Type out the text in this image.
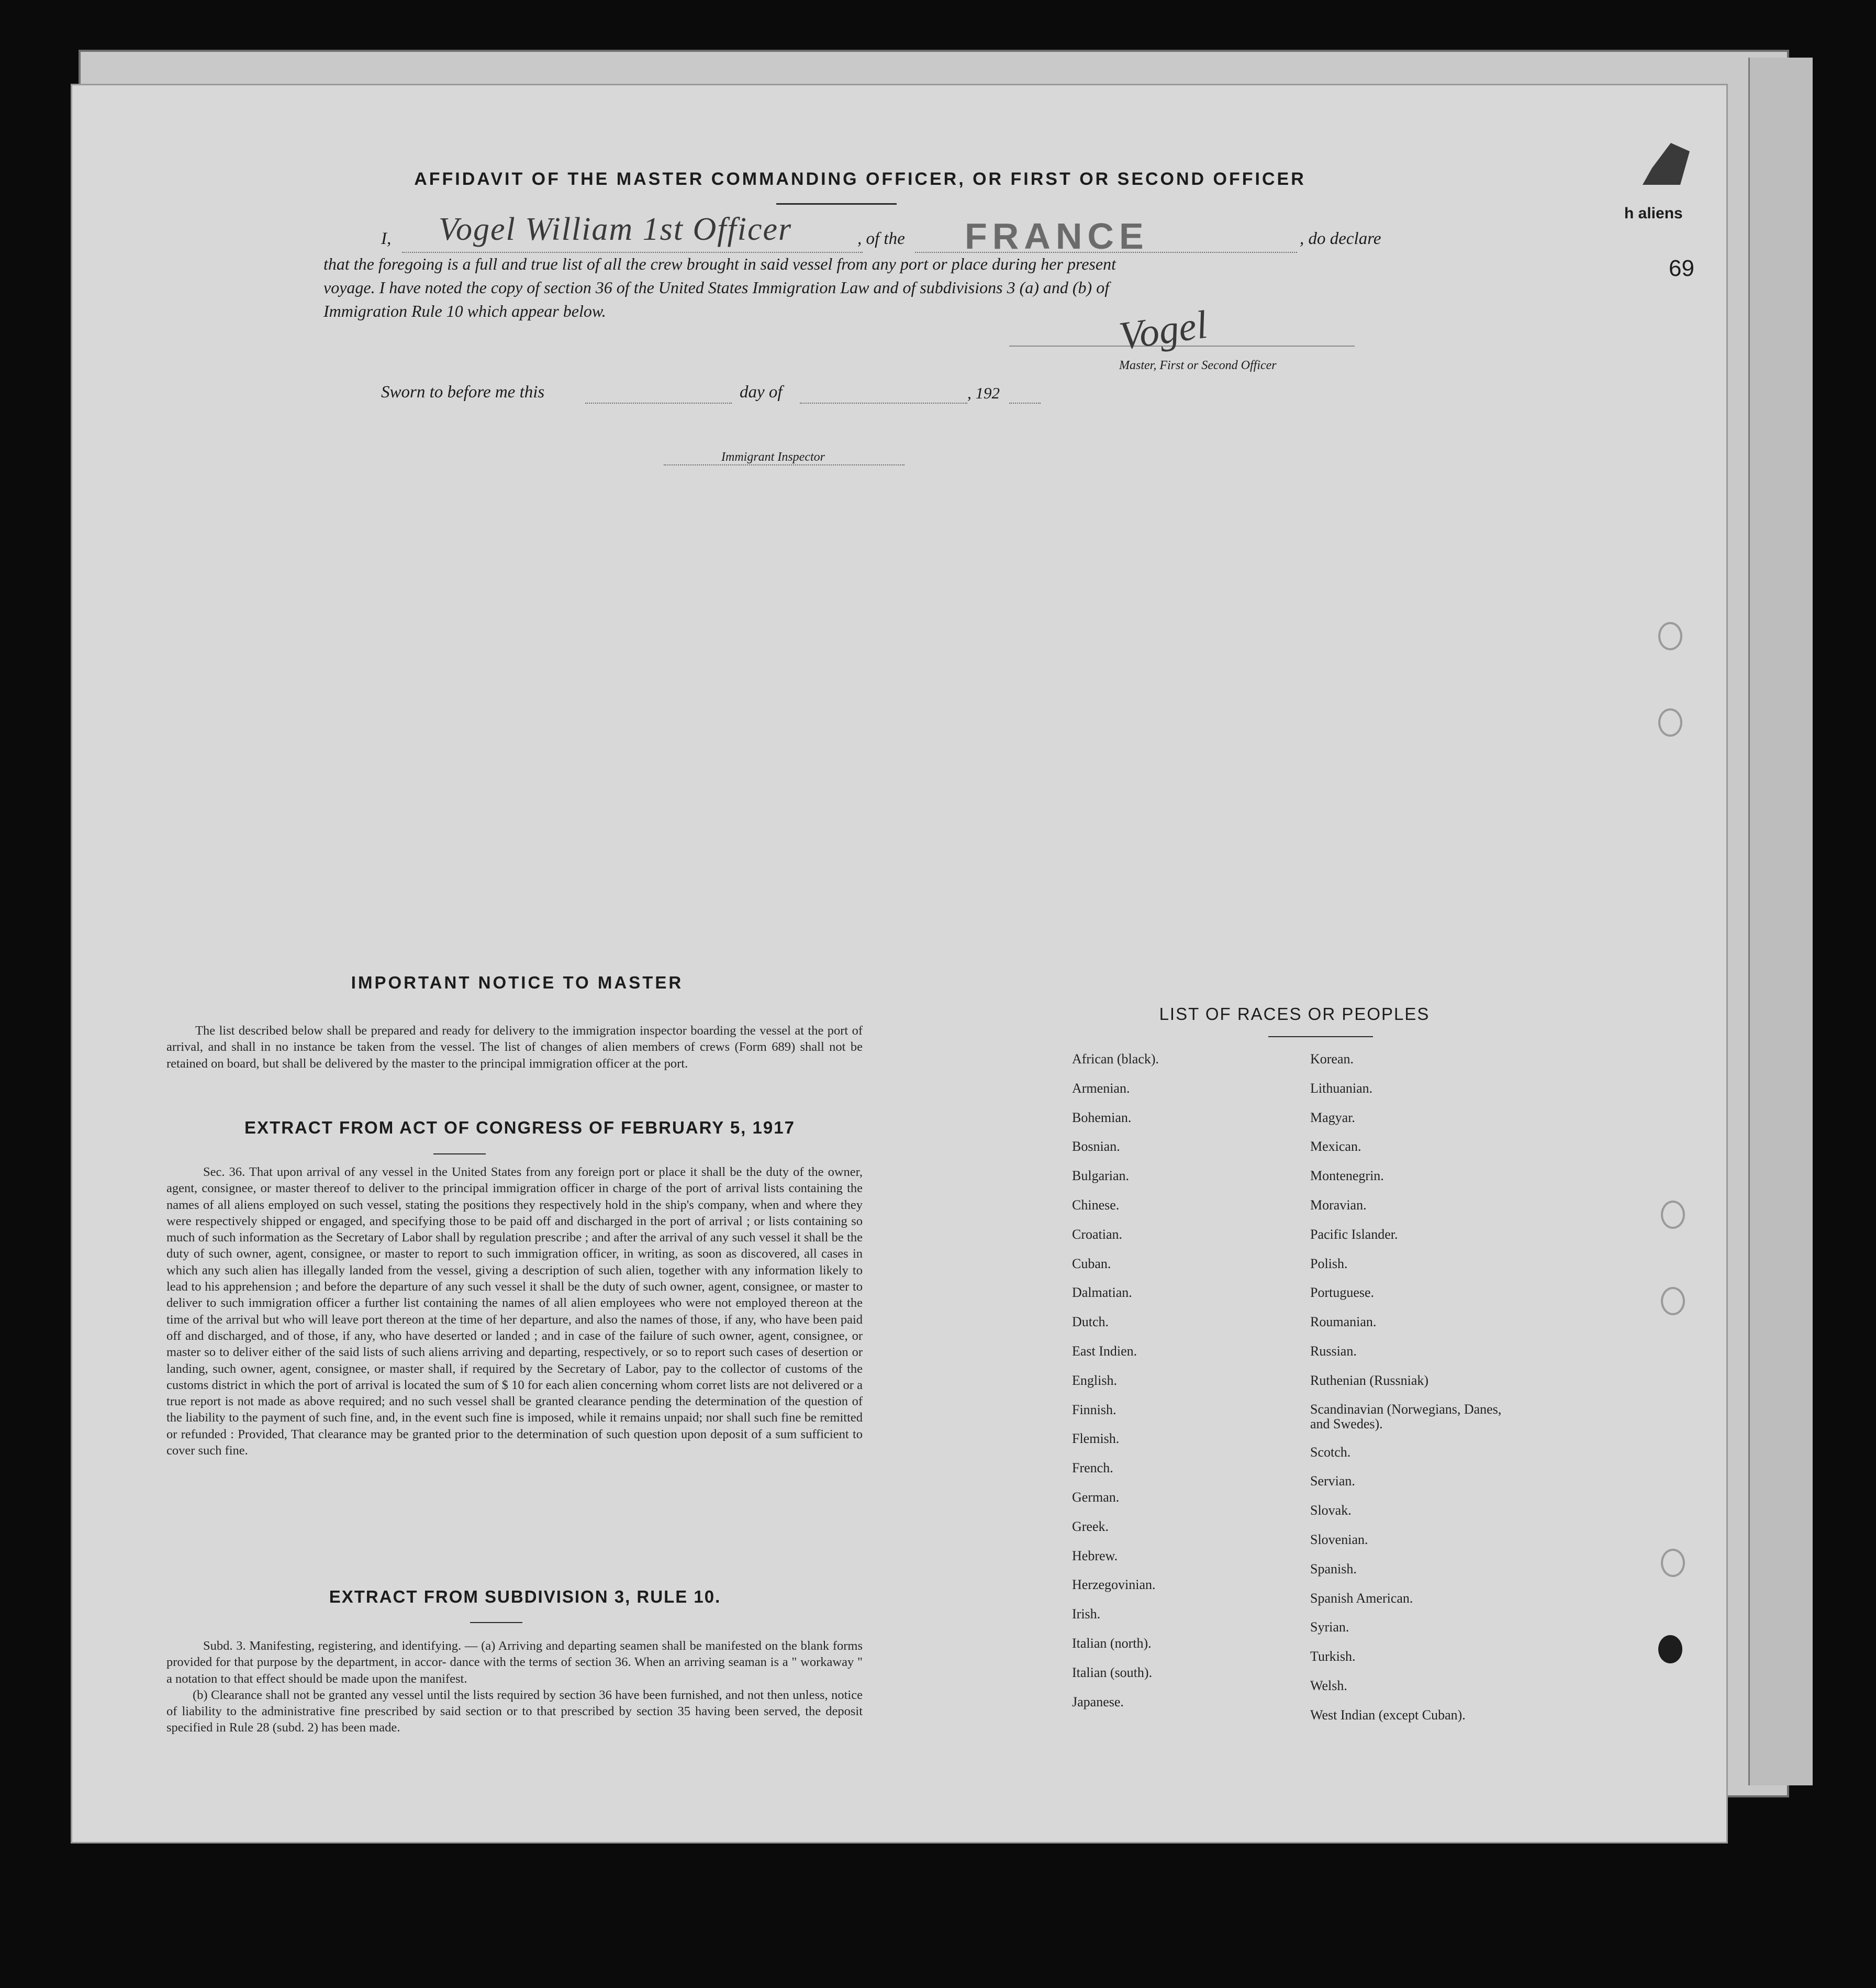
AFFIDAVIT OF THE MASTER COMMANDING OFFICER, OR FIRST OR SECOND OFFICER
I, Vogel William 1st Officer	, of the FRANCE	, do declare
that the foregoing is a full and true list of all the crew brought in said vessel from any port or place during her present
voyage. I have noted the copy of section 36 of the United States Immigration Law and of subdivisions 3 (a) and (b) of
Immigration Rule 10 which appear below.	Vogel
Master, First or Second Officer
Sworn to before me this	day of	, 192
Immigrant Inspector
h aliens
69
IMPORTANT NOTICE TO MASTER
The list described below shall be prepared and ready for delivery to the immigration inspector boarding the vessel at the port of arrival, and shall in no instance be taken from the vessel. The list of changes of alien members of crews (Form 689) shall not be retained on board, but shall be delivered by the master to the principal immigration officer at the port.
EXTRACT FROM ACT OF CONGRESS OF FEBRUARY 5, 1917
Sec. 36. That upon arrival of any vessel in the United States from any foreign port or place it shall be the duty of the owner, agent, consignee, or master thereof to deliver to the principal immigration officer in charge of the port of arrival lists containing the names of all aliens employed on such vessel, stating the positions they respectively hold in the ship's company, when and where they were respectively shipped or engaged, and specifying those to be paid off and discharged in the port of arrival ; or lists containing so much of such information as the Secretary of Labor shall by regulation prescribe ; and after the arrival of any such vessel it shall be the duty of such owner, agent, consignee, or master to report to such immigration officer, in writing, as soon as discovered, all cases in which any such alien has illegally landed from the vessel, giving a description of such alien, together with any information likely to lead to his apprehension ; and before the departure of any such vessel it shall be the duty of such owner, agent, consignee, or master to deliver to such immigration officer a further list containing the names of all alien employees who were not employed thereon at the time of the arrival but who will leave port thereon at the time of her departure, and also the names of those, if any, who have been paid off and discharged, and of those, if any, who have deserted or landed ; and in case of the failure of such owner, agent, consignee, or master so to deliver either of the said lists of such aliens arriving and departing, respectively, or so to report such cases of desertion or landing, such owner, agent, consignee, or master shall, if required by the Secretary of Labor, pay to the collector of customs of the customs district in which the port of arrival is located the sum of $ 10 for each alien concerning whom corret lists are not delivered or a true report is not made as above required; and no such vessel shall be granted clearance pending the determination of the question of the liability to the payment of such fine, and, in the event such fine is imposed, while it remains unpaid; nor shall such fine be remitted or refunded : Provided, That clearance may be granted prior to the determination of such question upon deposit of a sum sufficient to cover such fine.
EXTRACT FROM SUBDIVISION 3, RULE 10.
Subd. 3. Manifesting, registering, and identifying. — (a) Arriving and departing seamen shall be manifested on the blank forms provided for that purpose by the department, in accor- dance with the terms of section 36. When an arriving seaman is a " workaway " a notation to that effect should be made upon the manifest.
(b) Clearance shall not be granted any vessel until the lists required by section 36 have been furnished, and not then unless, notice of liability to the administrative fine prescribed by said section or to that prescribed by section 35 having been served, the deposit specified in Rule 28 (subd. 2) has been made.
LIST OF RACES OR PEOPLES
African (black).
Armenian.
Bohemian.
Bosnian.
Bulgarian.
Chinese.
Croatian.
Cuban.
Dalmatian.
Dutch.
East Indien.
English.
Finnish.
Flemish.
French.
German.
Greek.
Hebrew.
Herzegovinian.
Irish.
Italian (north).
Italian (south).
Japanese.
Korean.
Lithuanian.
Magyar.
Mexican.
Montenegrin.
Moravian.
Pacific Islander.
Polish.
Portuguese.
Roumanian.
Russian.
Ruthenian (Russniak)
Scandinavian (Norwegians, Danes, and Swedes).
Scotch.
Servian.
Slovak.
Slovenian.
Spanish.
Spanish American.
Syrian.
Turkish.
Welsh.
West Indian (except Cuban).
